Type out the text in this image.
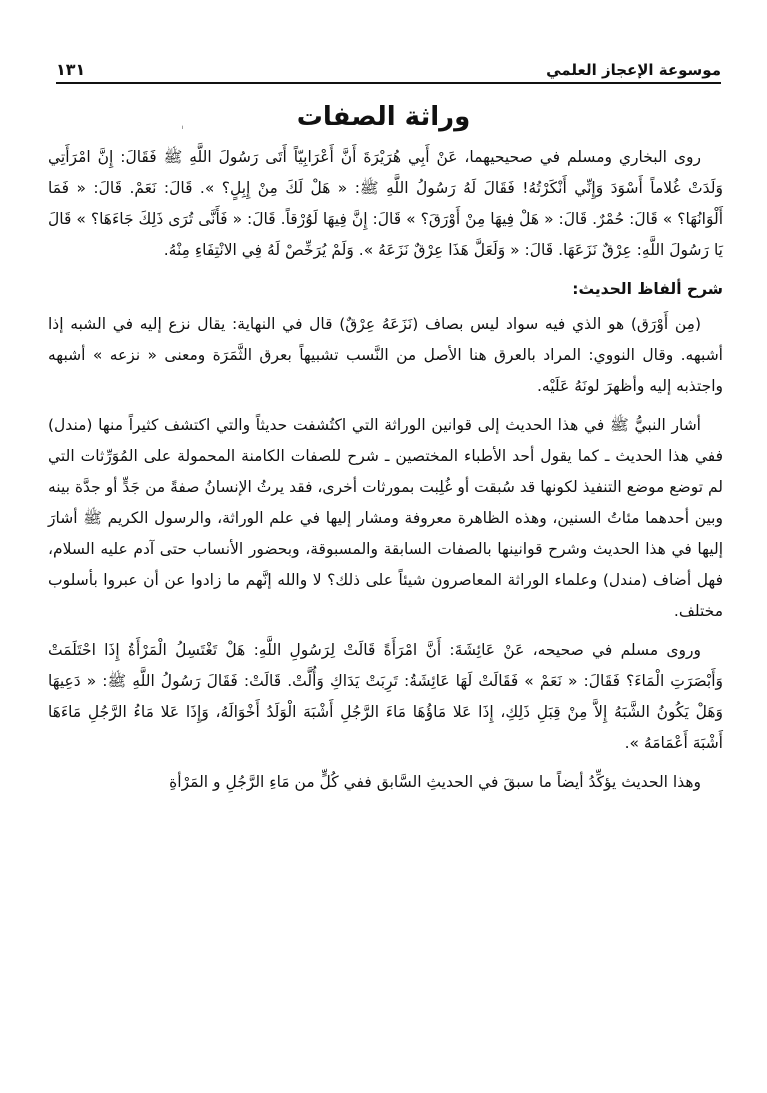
موسوعة الإعجاز العلمي
١٣١
ˈ	وراثة الصفات

روى البخاري ومسلم في صحيحيهما، عَنْ أَبِي هُرَيْرَةَ أَنَّ أَعْرَابِيّاً أَتَى رَسُولَ اللَّهِ ﷺ فَقَالَ: إِنَّ امْرَأَتِي وَلَدَتْ غُلاماً أَسْوَدَ وَإِنِّي أَنْكَرْتُهُ! فَقَالَ لَهُ رَسُولُ اللَّهِ ﷺ: « هَلْ لَكَ مِنْ إِبِلٍ؟ ». قَالَ: نَعَمْ. قَالَ: « فَمَا أَلْوَانُهَا؟ » قَالَ: حُمْرٌ. قَالَ: « هَلْ فِيهَا مِنْ أَوْرَقَ؟ » قَالَ: إِنَّ فِيهَا لَوُرْقاً. قَالَ: « فَأَنَّى تُرَى ذَلِكَ جَاءَهَا؟ » قَالَ يَا رَسُولَ اللَّهِ: عِرْقٌ نَزَعَهَا. قَالَ: « وَلَعَلَّ هَذَا عِرْقٌ نَزَعَهُ ». وَلَمْ يُرَخِّصْ لَهُ فِي الانْتِفَاءِ مِنْهُ.

شرح ألفاظ الحديث:

(مِن أَوْرَق) هو الذي فيه سواد ليس بصاف (نَزَعَهُ عِرْقٌ) قال في النهاية: يقال نزع إليه في الشبه إذا أشبهه. وقال النووي: المراد بالعرق هنا الأصل من النَّسب تشبيهاً بعرق الثَّمَرَة ومعنى « نزعه » أشبهه واجتذبه إليه وأظهرَ لونَهُ عَلَيْه.

أشار النبيُّ ﷺ في هذا الحديث إلى قوانين الوراثة التي اكتُشفت حديثاً والتي اكتشف كثيراً منها (مندل) ففي هذا الحديث ـ كما يقول أحد الأطباء المختصين ـ شرح للصفات الكامنة المحمولة على المُوَرِّثات التي لم توضع موضع التنفيذ لكونها قد سُبقت أو غُلِبت بمورثات أخرى، فقد يرثُ الإنسانُ صفةً من جَدٍّ أو جدَّة بينه وبين أحدهما مئاتُ السنين، وهذه الظاهرة معروفة ومشار إليها في علم الوراثة، والرسول الكريم ﷺ أشارَ إليها في هذا الحديث وشرح قوانينها بالصفات السابقة والمسبوقة، وبحضور الأنساب حتى آدم عليه السلام، فهل أضاف (مندل) وعلماء الوراثة المعاصرون شيئاً على ذلك؟ لا والله إنَّهم ما زادوا عن أن عبروا بأسلوب مختلف.

وروى مسلم في صحيحه، عَنْ عَائِشَةَ: أَنَّ امْرَأَةً قَالَتْ لِرَسُولِ اللَّهِ: هَلْ تَغْتَسِلُ الْمَرْأَةُ إِذَا احْتَلَمَتْ وَأَبْصَرَتِ الْمَاءَ؟ فَقَالَ: « نَعَمْ » فَقَالَتْ لَهَا عَائِشَةُ: تَرِبَتْ يَدَاكِ وَأُلَّتْ. قَالَتْ: فَقَالَ رَسُولُ اللَّهِ ﷺ: « دَعِيهَا وَهَلْ يَكُونُ الشَّبَهُ إِلاَّ مِنْ قِبَلِ ذَلِكِ، إِذَا عَلا مَاؤُهَا مَاءَ الرَّجُلِ أَشْبَهَ الْوَلَدُ أَخْوَالَهُ، وَإِذَا عَلا مَاءُ الرَّجُلِ مَاءَهَا أَشْبَهَ أَعْمَامَهُ ».

وهذا الحديث يؤكِّدُ أيضاً ما سبقَ في الحديثِ السَّابق ففي كُلٍّ من مَاءِ الرَّجُلِ و المَرْأةِ
